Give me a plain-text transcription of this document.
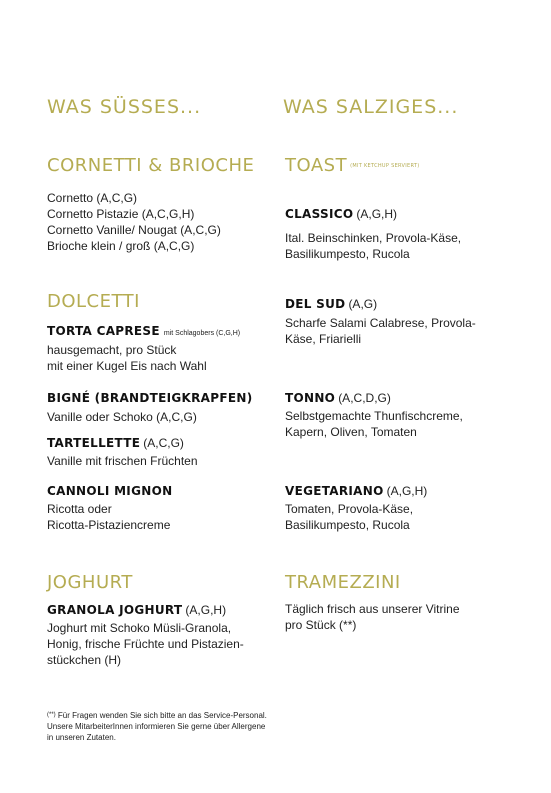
WAS SÜSSES...	WAS SALZIGES...
CORNETTI & BRIOCHE
Cornetto (A,C,G)
Cornetto Pistazie (A,C,G,H)
Cornetto Vanille/ Nougat (A,C,G)
Brioche klein / groß (A,C,G)
DOLCETTI
TORTA CAPRESE mit Schlagobers (C,G,H)
hausgemacht, pro Stück
mit einer Kugel Eis nach Wahl
BIGNÉ (BRANDTEIGKRAPFEN)
Vanille oder Schoko (A,C,G)
TARTELLETTE (A,C,G)
Vanille mit frischen Früchten
CANNOLI MIGNON
Ricotta oder
Ricotta-Pistaziencreme
JOGHURT
GRANOLA JOGHURT (A,G,H)
Joghurt mit Schoko Müsli-Granola,
Honig, frische Früchte und Pistazien-
stückchen (H)
(**) Für Fragen wenden Sie sich bitte an das Service-Personal. Unsere MitarbeiterInnen informieren Sie gerne über Allergene in unseren Zutaten.
TOAST (MIT KETCHUP SERVIERT)
CLASSICO (A,G,H)
Ital. Beinschinken, Provola-Käse,
Basilikumpesto, Rucola
DEL SUD (A,G)
Scharfe Salami Calabrese, Provola-
Käse, Friarielli
TONNO (A,C,D,G)
Selbstgemachte Thunfischcreme,
Kapern, Oliven, Tomaten
VEGETARIANO (A,G,H)
Tomaten, Provola-Käse,
Basilikumpesto, Rucola
TRAMEZZINI
Täglich frisch aus unserer Vitrine
pro Stück (**)
